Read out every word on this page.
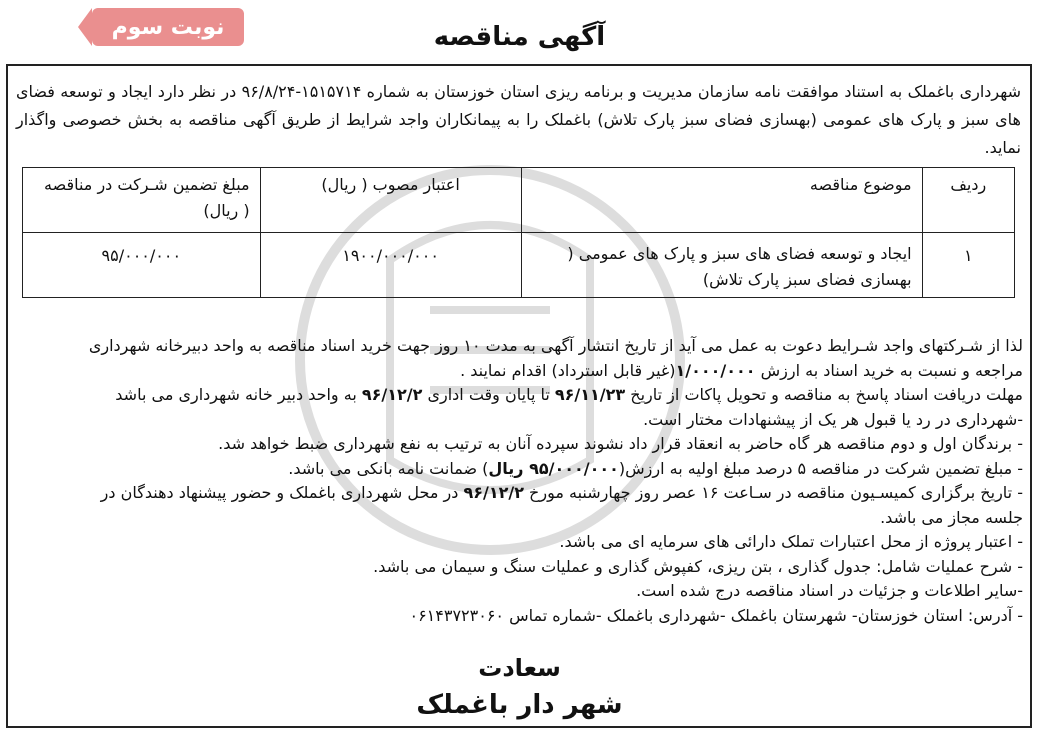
نوبت سوم	آگهی مناقصه
شهرداری باغملک به استناد موافقت نامه سازمان مدیریت و برنامه ریزی استان خوزستان به شماره ۱۵۱۵۷۱۴-۹۶/۸/۲۴ در نظر دارد ایجاد و توسعه فضای های سبز و پارک های عمومی (بهسازی فضای سبز پارک تلاش) باغملک را به پیمانکاران واجد شرایط از طریق آگهی مناقصه به بخش خصوصی واگذار نماید.
ردیف	موضوع مناقصه	اعتبار مصوب ( ریال)	مبلغ تضمین شـرکت در مناقصه ( ریال)
۱	ایجاد و توسعه فضای های سبز و پارک های عمومی ( بهسازی فضای سبز پارک تلاش)	۱۹۰۰/۰۰۰/۰۰۰	۹۵/۰۰۰/۰۰۰
لذا از شـرکتهای واجد شـرایط دعوت به عمل می آید از تاریخ انتشار آگهی به مدت ۱۰ روز جهت خرید اسناد مناقصه به واحد دبیرخانه شهرداری
مراجعه و نسبت به خرید اسناد به ارزش ۱/۰۰۰/۰۰۰(غیر قابل استرداد) اقدام نمایند .
مهلت دریافت اسناد پاسخ به مناقصه و تحویل پاکات از تاریخ ۹۶/۱۱/۲۳ تا پایان وقت اداری ۹۶/۱۲/۲ به واحد دبیر خانه شهرداری می باشد
-شهرداری در رد یا قبول هر یک از پیشنهادات مختار است.
- برندگان اول و دوم مناقصه هر گاه حاضر به انعقاد قرار داد نشوند سپرده آنان به ترتیب به نفع شهرداری ضبط خواهد شد.
- مبلغ تضمین شرکت در مناقصه ۵ درصد مبلغ اولیه به ارزش(۹۵/۰۰۰/۰۰۰ ریال) ضمانت نامه بانکی می باشد.
- تاریخ برگزاری کمیسـیون مناقصه در سـاعت ۱۶ عصر روز چهارشنبه مورخ ۹۶/۱۲/۲ در محل شهرداری باغملک و حضور پیشنهاد دهندگان در
جلسه مجاز می باشد.
- اعتبار پروژه از محل اعتبارات تملک دارائی های سرمایه ای می باشد.
- شرح عملیات شامل: جدول گذاری ، بتن ریزی، کفپوش گذاری و عملیات سنگ و سیمان می باشد.
-سایر اطلاعات و جزئیات در اسناد مناقصه درج شده است.
- آدرس: استان خوزستان- شهرستان باغملک -شهرداری باغملک -شماره تماس ۰۶۱۴۳۷۲۳۰۶۰
سعادت
شهر دار باغملک
